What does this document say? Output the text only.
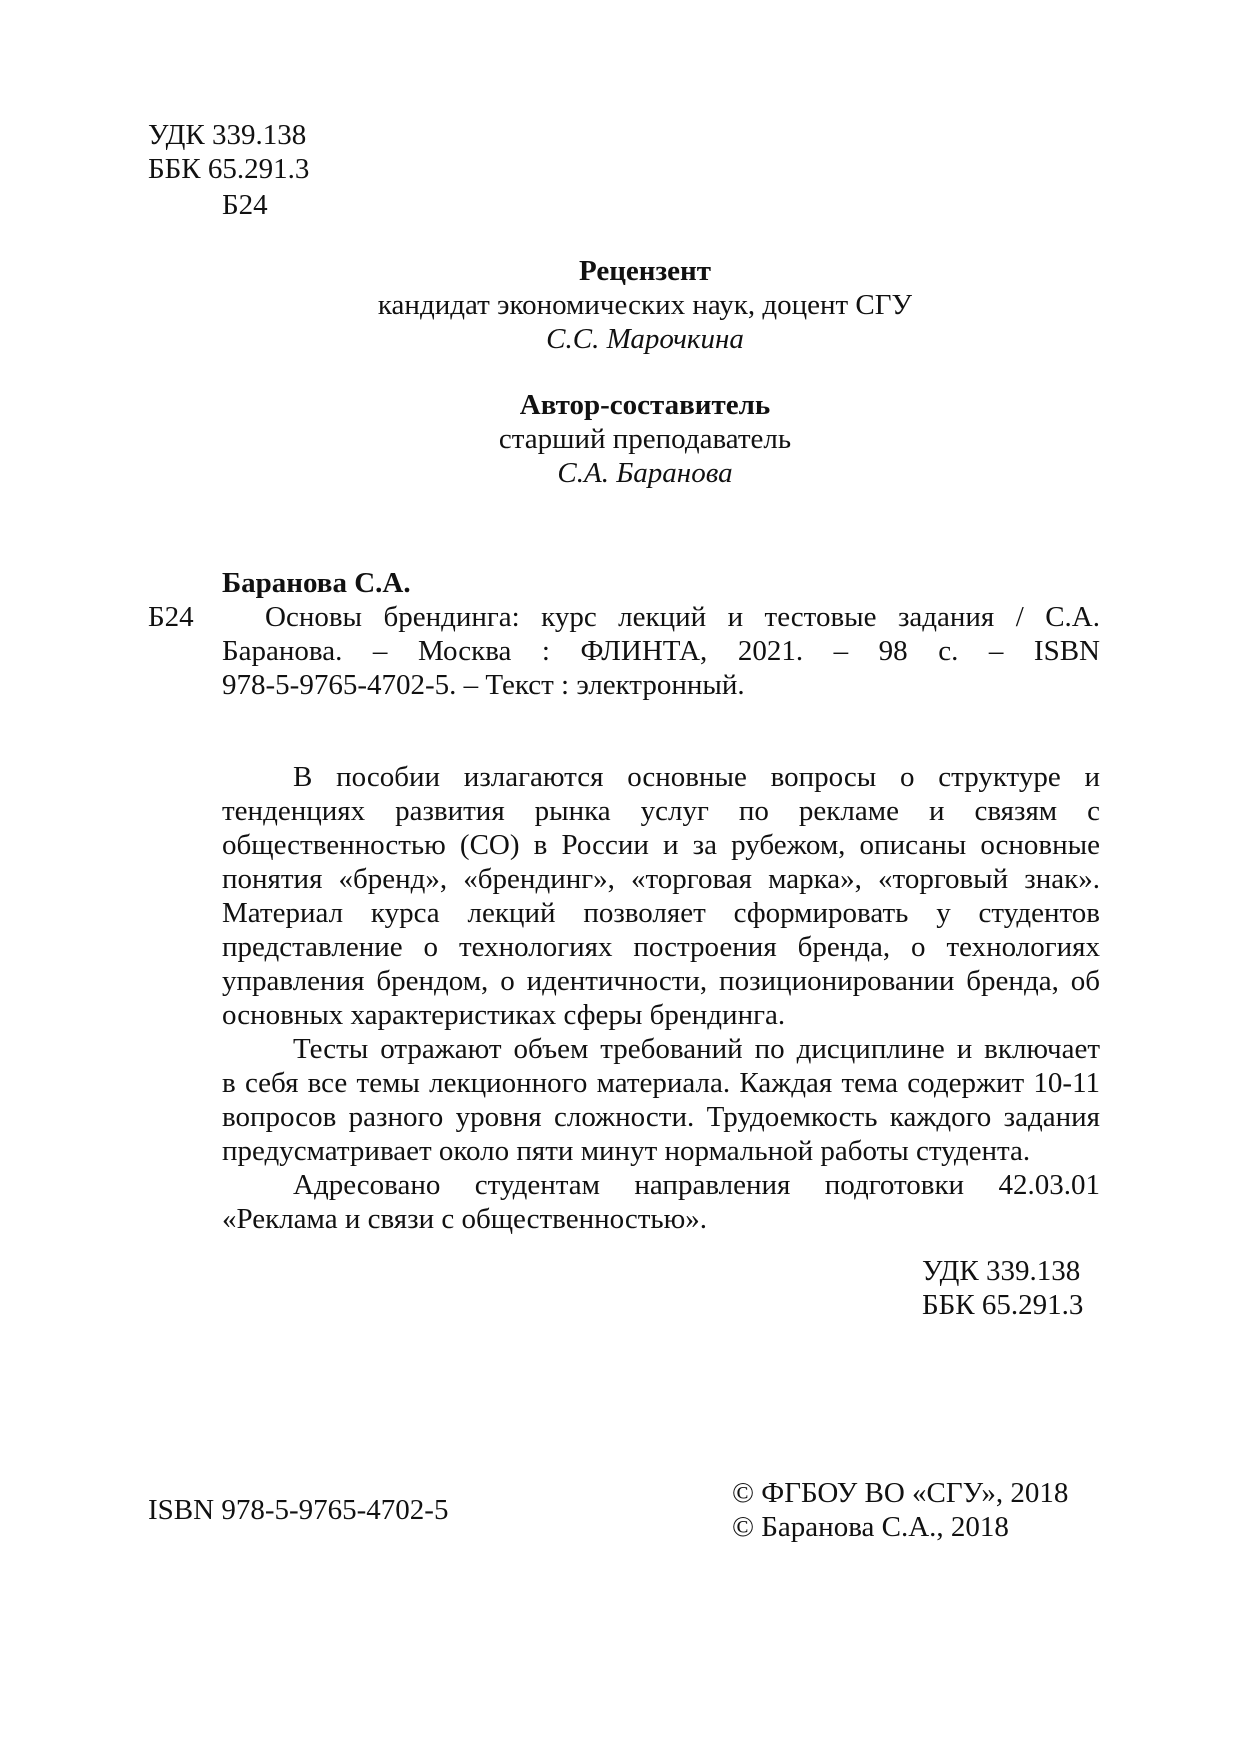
УДК 339.138
ББК 65.291.3
Б24
Рецензент
кандидат экономических наук, доцент СГУ
С.С. Марочкина
Автор-составитель
старший преподаватель
С.А. Баранова
Баранова С.А.
Б24 Основы брендинга: курс лекций и тестовые задания / С.А.
Баранова. – Москва : ФЛИНТА, 2021. – 98 с. – ISBN
978-5-9765-4702-5. – Текст : электронный.
В пособии излагаются основные вопросы о структуре и
тенденциях развития рынка услуг по рекламе и связям с
общественностью (СО) в России и за рубежом, описаны основные
понятия «бренд», «брендинг», «торговая марка», «торговый знак».
Материал курса лекций позволяет сформировать у студентов
представление о технологиях построения бренда, о технологиях
управления брендом, о идентичности, позиционировании бренда, об
основных характеристиках сферы брендинга.
Тесты отражают объем требований по дисциплине и включает
в себя все темы лекционного материала. Каждая тема содержит 10-11
вопросов разного уровня сложности. Трудоемкость каждого задания
предусматривает около пяти минут нормальной работы студента.
Адресовано студентам направления подготовки 42.03.01
«Реклама и связи с общественностью».
УДК 339.138
ББК 65.291.3
ISBN 978-5-9765-4702-5
© ФГБОУ ВО «СГУ», 2018
© Баранова С.А., 2018
